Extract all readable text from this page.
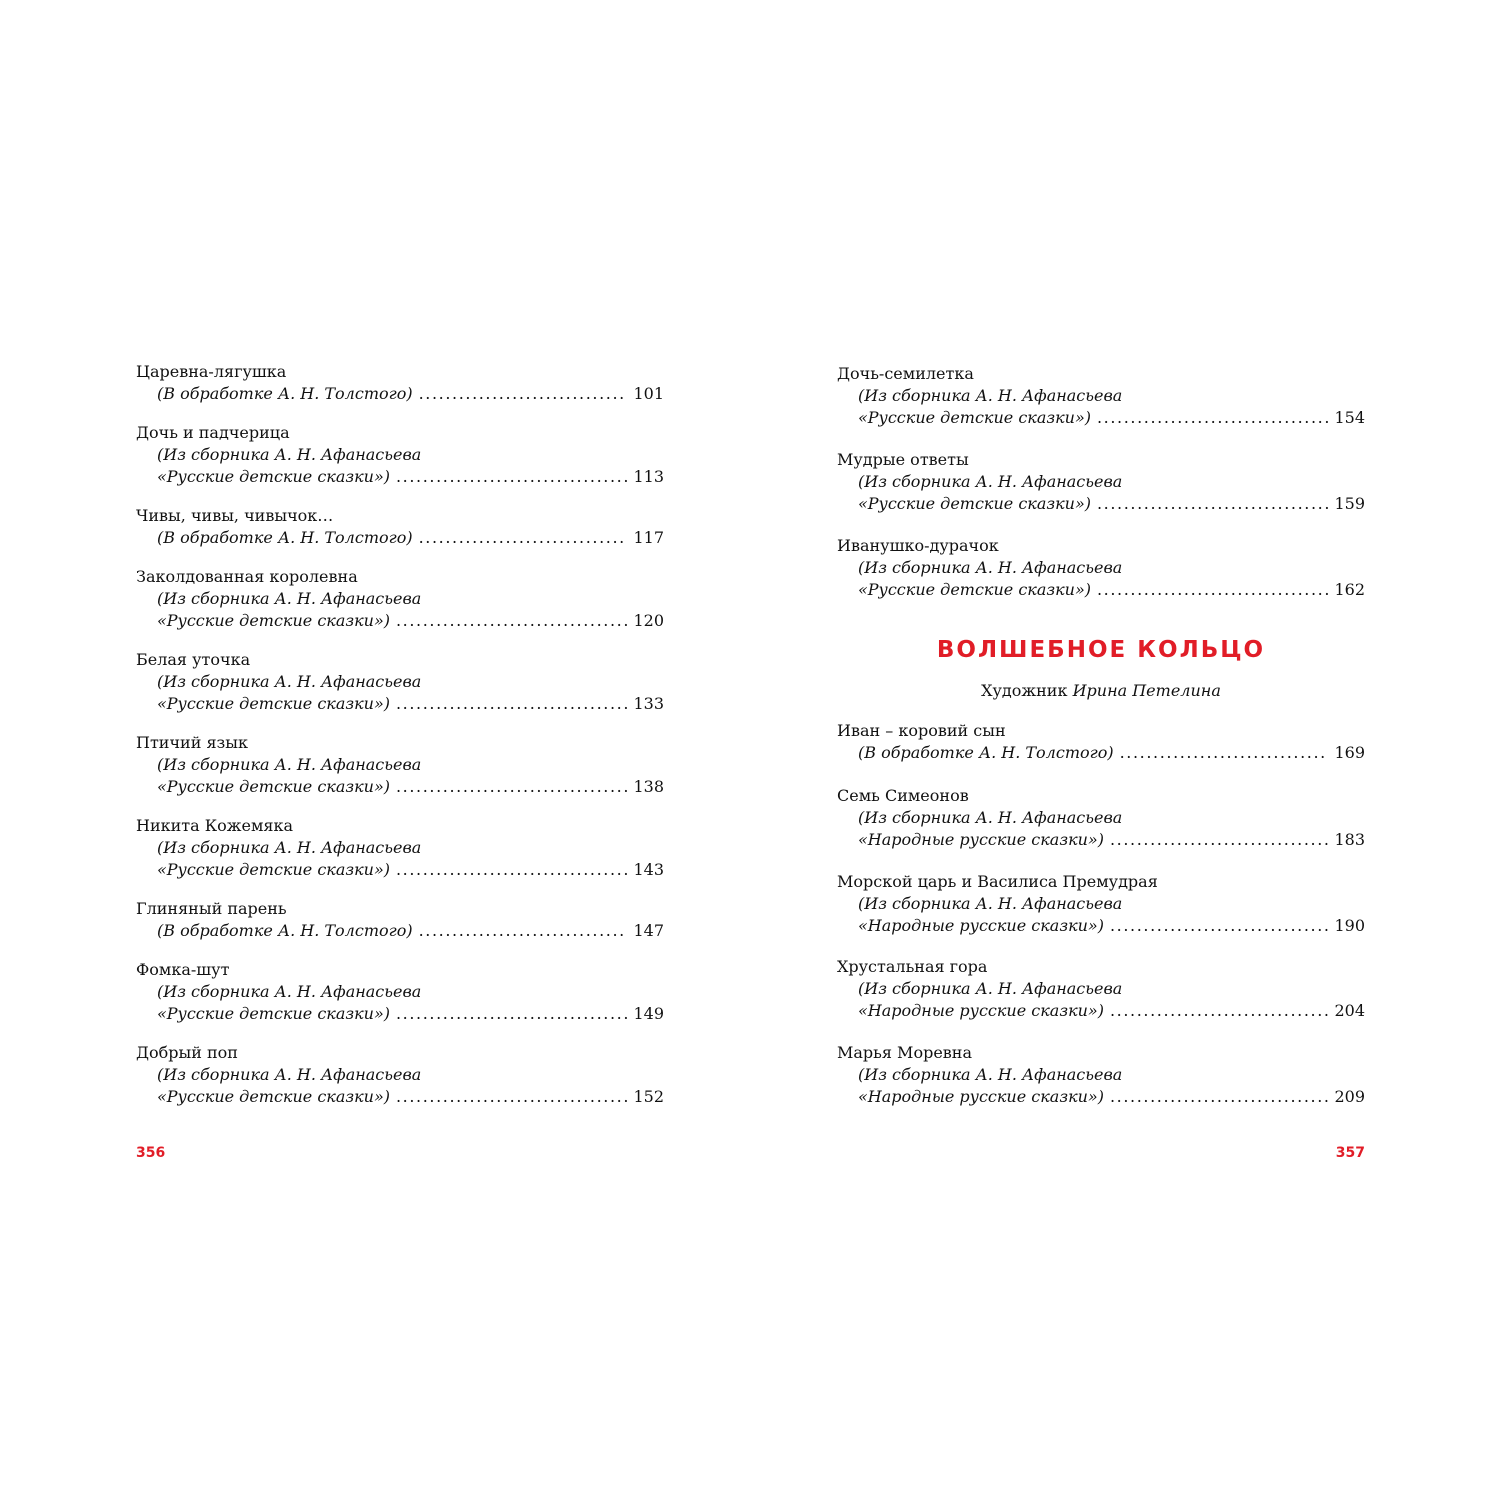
Царевна-лягушка
(В обработке А. Н. Толстого) .....	101
Дочь и падчерица
(Из сборника А. Н. Афанасьева
«Русские детские сказки») .....	113
Чивы, чивы, чивычок…
(В обработке А. Н. Толстого) .....	117
Заколдованная королевна
(Из сборника А. Н. Афанасьева
«Русские детские сказки») .....	120
Белая уточка
(Из сборника А. Н. Афанасьева
«Русские детские сказки») .....	133
Птичий язык
(Из сборника А. Н. Афанасьева
«Русские детские сказки») .....	138
Никита Кожемяка
(Из сборника А. Н. Афанасьева
«Русские детские сказки») .....	143
Глиняный парень
(В обработке А. Н. Толстого) .....	147
Фомка-шут
(Из сборника А. Н. Афанасьева
«Русские детские сказки») .....	149
Добрый поп
(Из сборника А. Н. Афанасьева
«Русские детские сказки») .....	152
356
Дочь-семилетка
(Из сборника А. Н. Афанасьева
«Русские детские сказки») .....	154
Мудрые ответы
(Из сборника А. Н. Афанасьева
«Русские детские сказки») .....	159
Иванушко-дурачок
(Из сборника А. Н. Афанасьева
«Русские детские сказки») .....	162
ВОЛШЕБНОЕ КОЛЬЦО
Художник Ирина Петелина
Иван – коровий сын
(В обработке А. Н. Толстого) .....	169
Семь Симеонов
(Из сборника А. Н. Афанасьева
«Народные русские сказки») .....	183
Морской царь и Василиса Премудрая
(Из сборника А. Н. Афанасьева
«Народные русские сказки») .....	190
Хрустальная гора
(Из сборника А. Н. Афанасьева
«Народные русские сказки») .....	204
Марья Моревна
(Из сборника А. Н. Афанасьева
«Народные русские сказки») .....	209
357
